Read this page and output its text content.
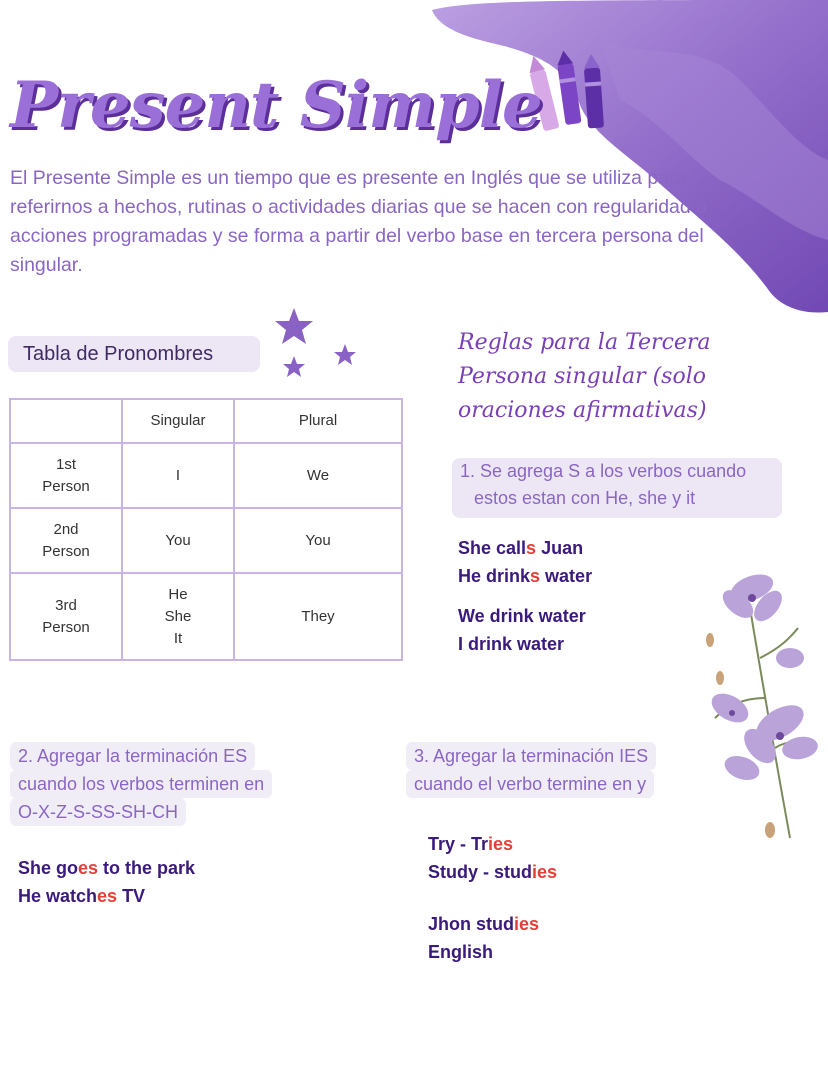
Present Simple
El Presente Simple es un tiempo que es presente en Inglés que se utiliza para referirnos a hechos, rutinas o actividades diarias que se hacen con regularidad o acciones programadas y se forma a partir del verbo base en tercera persona del singular.
Tabla de Pronombres
	Singular	Plural
1st
Person	I	We
2nd
Person	You	You
3rd
Person	He
She
It	They
Reglas para la Tercera Persona singular (solo oraciones afirmativas)
1. Se agrega S a los verbos cuando
estos estan con He, she y it
She calls Juan
He drinks water
We drink water
I drink water
2. Agregar la terminación ES
cuando los verbos terminen en
O-X-Z-S-SS-SH-CH
She goes to the park
He watches TV
3. Agregar la terminación IES
cuando el verbo termine en y
Try - Tries
Study - studies
Jhon studies
English
